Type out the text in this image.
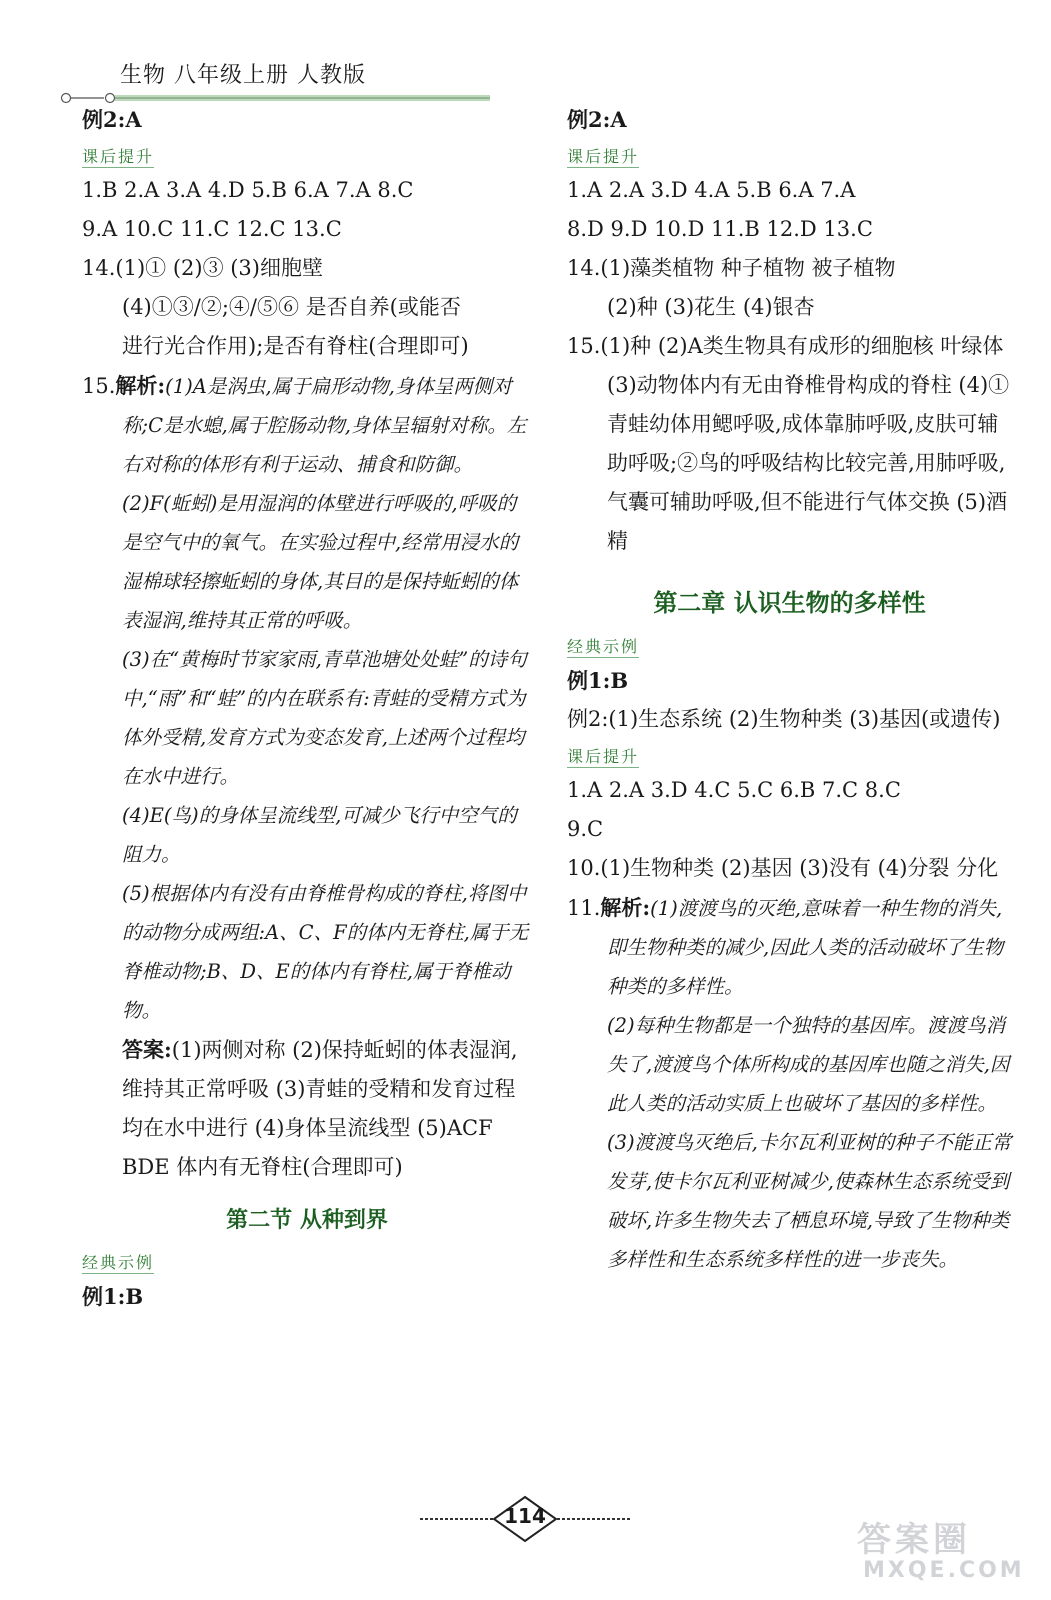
生物 八年级上册 人教版

例2:A

课后提升

1.B 2.A 3.A 4.D 5.B 6.A 7.A 8.C

9.A 10.C 11.C 12.C 13.C

14.(1)① (2)③ (3)细胞壁

(4)①③/②;④/⑤⑥ 是否自养(或能否

进行光合作用);是否有脊柱(合理即可)

15.解析:(1)A是涡虫,属于扁形动物,身体呈两侧对称;C是水螅,属于腔肠动物,身体呈辐射对称。左右对称的体形有利于运动、捕食和防御。

(2)F(蚯蚓)是用湿润的体壁进行呼吸的,呼吸的是空气中的氧气。在实验过程中,经常用浸水的湿棉球轻擦蚯蚓的身体,其目的是保持蚯蚓的体表湿润,维持其正常的呼吸。

(3)在“黄梅时节家家雨,青草池塘处处蛙”的诗句中,“雨”和“蛙”的内在联系有:青蛙的受精方式为体外受精,发育方式为变态发育,上述两个过程均在水中进行。

(4)E(鸟)的身体呈流线型,可减少飞行中空气的阻力。

(5)根据体内有没有由脊椎骨构成的脊柱,将图中的动物分成两组:A、C、F的体内无脊柱,属于无脊椎动物;B、D、E的体内有脊柱,属于脊椎动物。

答案:(1)两侧对称 (2)保持蚯蚓的体表湿润,维持其正常呼吸 (3)青蛙的受精和发育过程均在水中进行 (4)身体呈流线型 (5)ACF BDE 体内有无脊柱(合理即可)

第二节 从种到界
经典示例

例1:B

例2:A

课后提升

1.A 2.A 3.D 4.A 5.B 6.A 7.A

8.D 9.D 10.D 11.B 12.D 13.C

14.(1)藻类植物 种子植物 被子植物

(2)种 (3)花生 (4)银杏

15.(1)种 (2)A类生物具有成形的细胞核 叶绿体 (3)动物体内有无由脊椎骨构成的脊柱 (4)①青蛙幼体用鳃呼吸,成体靠肺呼吸,皮肤可辅助呼吸;②鸟的呼吸结构比较完善,用肺呼吸,气囊可辅助呼吸,但不能进行气体交换 (5)酒精

第二章 认识生物的多样性
经典示例

例1:B

例2:(1)生态系统 (2)生物种类 (3)基因(或遗传)

课后提升

1.A 2.A 3.D 4.C 5.C 6.B 7.C 8.C

9.C

10.(1)生物种类 (2)基因 (3)没有 (4)分裂 分化

11.解析:(1)渡渡鸟的灭绝,意味着一种生物的消失,即生物种类的减少,因此人类的活动破坏了生物种类的多样性。

(2)每种生物都是一个独特的基因库。渡渡鸟消失了,渡渡鸟个体所构成的基因库也随之消失,因此人类的活动实质上也破坏了基因的多样性。

(3)渡渡鸟灭绝后,卡尔瓦利亚树的种子不能正常发芽,使卡尔瓦利亚树减少,使森林生态系统受到破坏,许多生物失去了栖息环境,导致了生物种类多样性和生态系统多样性的进一步丧失。

114
答案圈
MXQE.COM
